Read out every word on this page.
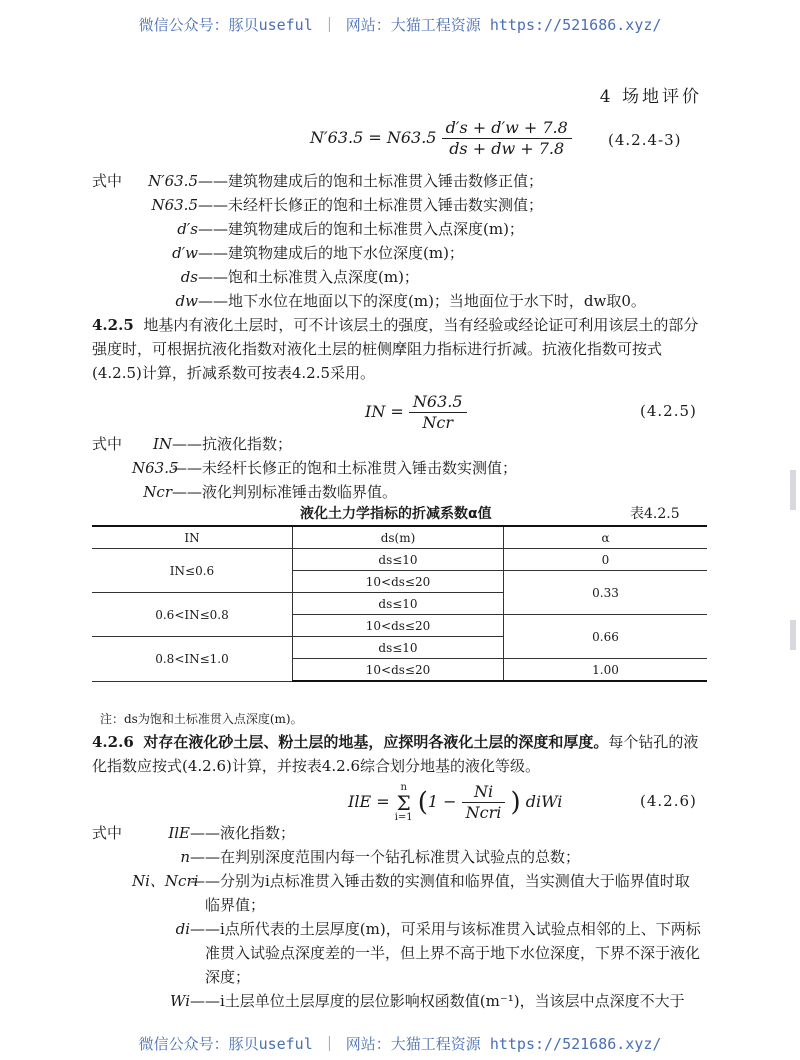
微信公众号：豚贝useful ｜ 网站：大猫工程资源 https://521686.xyz/
微信公众号：豚贝useful ｜ 网站：大猫工程资源 https://521686.xyz/
4 场地评价
$N'63.5 = N63.5 \frac{d's + d'w + 7.8}{ds + dw + 7.8} (4.2.4-3)$
式中 N′63.5——建筑物建成后的饱和土标准贯入锤击数修正值；
N63.5——未经杆长修正的饱和土标准贯入锤击数实测值；
d′s——建筑物建成后的饱和土标准贯入点深度(m)；
d′w——建筑物建成后的地下水位深度(m)；
ds——饱和土标准贯入点深度(m)；
dw——地下水位在地面以下的深度(m)；当地面位于水下时，dw取0。
4.2.5 地基内有液化土层时，可不计该层土的强度，当有经验或经论证可利用该层土的部分强度时，可根据抗液化指数对液化土层的桩侧摩阻力指标进行折减。抗液化指数可按式(4.2.5)计算，折减系数可按表4.2.5采用。
IN = $\frac{N63.5}{\text{Ncr}}$	(4.2.5)
式中 IN——抗液化指数；
N63.5——未经杆长修正的饱和土标准贯入锤击数实测值；
Ncr——液化判别标准锤击数临界值。
液化土力学指标的折减系数α值	表4.2.5
IN	ds(m)	α
IN≤0.6	ds≤10	0
	10<ds≤20	0.33
0.6<IN≤0.8	ds≤10	
	10<ds≤20	0.66
0.8<IN≤1.0	ds≤10	
	10<ds≤20	1.00
注：ds为饱和土标准贯入点深度(m)。
4.2.6 对存在液化砂土层、粉土层的地基，应探明各液化土层的深度和厚度。每个钻孔的液化指数应按式(4.2.6)计算，并按表4.2.6综合划分地基的液化等级。
IlE =
n
Σ
i=1 ($1 - \frac{Ni}{\text{Ncri}}$ ) diWi	(4.2.6)
式中	IlE——液化指数；
n——在判别深度范围内每一个钻孔标准贯入试验点的总数；
Ni、Ncri——分别为i点标准贯入锤击数的实测值和临界值，当实测值大于临界值时取
临界值；
di——i点所代表的土层厚度(m)，可采用与该标准贯入试验点相邻的上、下两标
准贯入试验点深度差的一半，但上界不高于地下水位深度，下界不深于液化
深度；
Wi——i土层单位土层厚度的层位影响权函数值(m⁻¹)，当该层中点深度不大于
